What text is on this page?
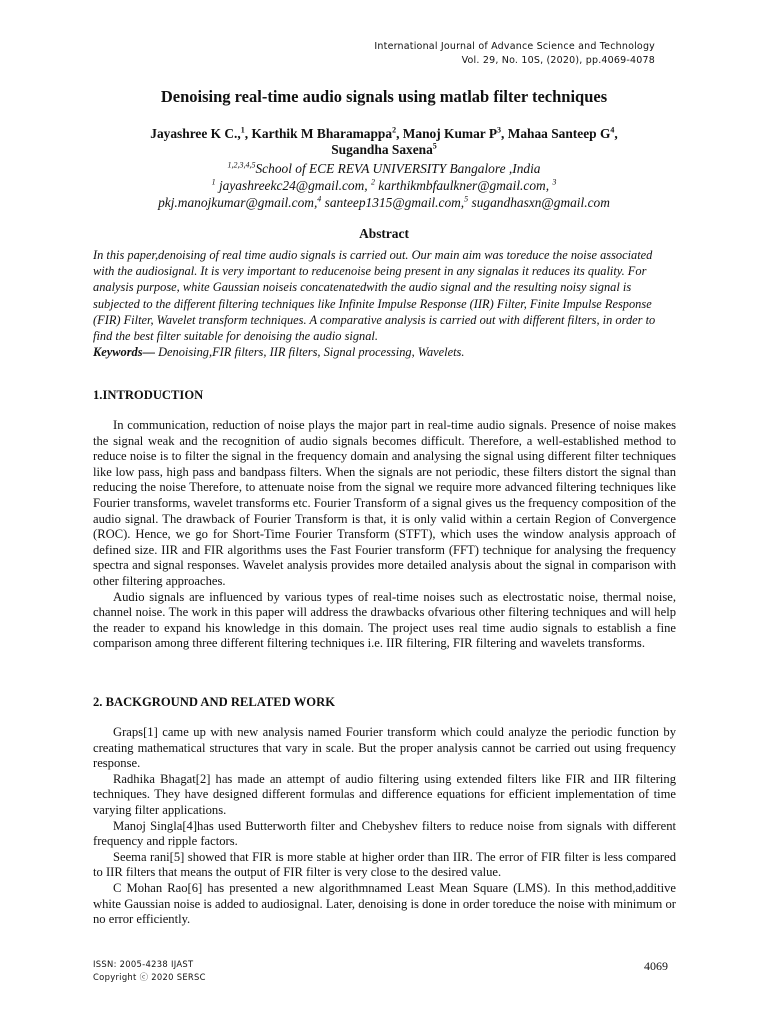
International Journal of Advance Science and Technology
Vol. 29, No. 10S, (2020), pp.4069-4078
Denoising real-time audio signals using matlab filter techniques
Jayashree K C.,$^1$, Karthik M Bharamappa$^2$, Manoj Kumar $P^3$, Mahaa Santeep $G^4$,
Sugandha Saxena$^5$
$^{1,2,3,4,5}$School of ECE REVA UNIVERSITY Bangalore ,India
$^1$ jayashreekc24@gmail.com, $^2$ karthikmbfaulkner@gmail.com, $^3$
pkj.manojkumar@gmail.com,$^4$ santeep1315@gmail.com,$^5$ sugandhasxn@gmail.com
Abstract

In this paper,denoising of real time audio signals is carried out. Our main aim was toreduce the noise associated with the audiosignal. It is very important to reducenoise being present in any signalas it reduces its quality. For analysis purpose, white Gaussian noiseis concatenatedwith the audio signal and the resulting noisy signal is subjected to the different filtering techniques like Infinite Impulse Response (IIR) Filter, Finite Impulse Response (FIR) Filter, Wavelet transform techniques. A comparative analysis is carried out with different filters, in order to find the best filter suitable for denoising the audio signal.

Keywords— Denoising,FIR filters, IIR filters, Signal processing, Wavelets.

1.INTRODUCTION

In communication, reduction of noise plays the major part in real-time audio signals. Presence of noise makes the signal weak and the recognition of audio signals becomes difficult. Therefore, a well-established method to reduce noise is to filter the signal in the frequency domain and analysing the signal using different filter techniques like low pass, high pass and bandpass filters. When the signals are not periodic, these filters distort the signal than reducing the noise Therefore, to attenuate noise from the signal we require more advanced filtering techniques like Fourier transforms, wavelet transforms etc. Fourier Transform of a signal gives us the frequency composition of the audio signal. The drawback of Fourier Transform is that, it is only valid within a certain Region of Convergence (ROC). Hence, we go for Short-Time Fourier Transform (STFT), which uses the window analysis approach of defined size. IIR and FIR algorithms uses the Fast Fourier transform (FFT) technique for analysing the frequency spectra and signal responses. Wavelet analysis provides more detailed analysis about the signal in comparison with other filtering approaches.

Audio signals are influenced by various types of real-time noises such as electrostatic noise, thermal noise, channel noise. The work in this paper will address the drawbacks ofvarious other filtering techniques and will help the reader to expand his knowledge in this domain. The project uses real time audio signals to establish a fine comparison among three different filtering techniques i.e. IIR filtering, FIR filtering and wavelets transforms.

2. BACKGROUND AND RELATED WORK

Graps[1] came up with new analysis named Fourier transform which could analyze the periodic function by creating mathematical structures that vary in scale. But the proper analysis cannot be carried out using frequency response.

Radhika Bhagat[2] has made an attempt of audio filtering using extended filters like FIR and IIR filtering techniques. They have designed different formulas and difference equations for efficient implementation of time varying filter applications.

Manoj Singla[4]has used Butterworth filter and Chebyshev filters to reduce noise from signals with different frequency and ripple factors.

Seema rani[5] showed that FIR is more stable at higher order than IIR. The error of FIR filter is less compared to IIR filters that means the output of FIR filter is very close to the desired value.

C Mohan Rao[6] has presented a new algorithmnamed Least Mean Square (LMS). In this method,additive white Gaussian noise is added to audiosignal. Later, denoising is done in order toreduce the noise with minimum or no error efficiently.

ISSN: 2005-4238 IJAST
Copyright ⓒ 2020 SERSC
4069
